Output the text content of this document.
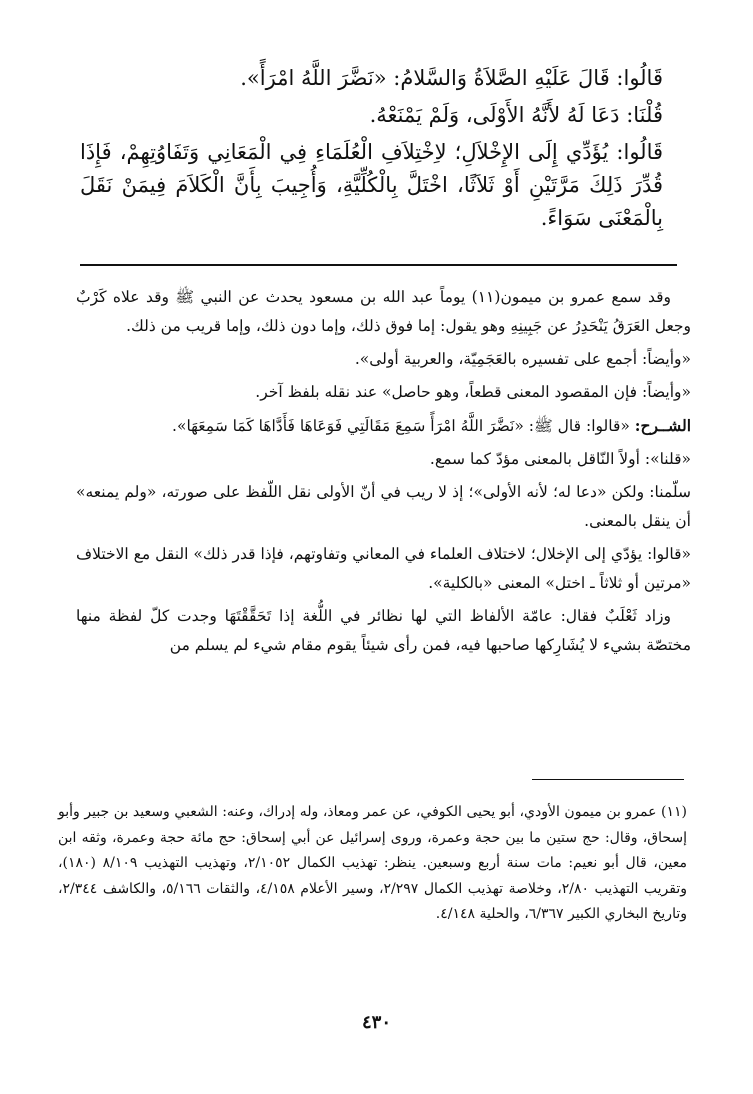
قَالُوا: قَالَ عَلَيْهِ الصَّلاَةُ وَالسَّلامُ: «نَضَّرَ اللَّهُ امْرَأً».

قُلْنَا: دَعَا لَهُ لأَنَّهُ الأَوْلَى، وَلَمْ يَمْنَعْهُ.

قَالُوا: يُؤَدِّي إِلَى الإِخْلاَلِ؛ لاِخْتِلاَفِ الْعُلَمَاءِ فِي الْمَعَانِي وَتَفَاوُتِهِمْ، فَإِذَا قُدِّرَ ذَلِكَ مَرَّتَيْنِ أَوْ ثَلاَثًا، اخْتَلَّ بِالْكُلِّيَّةِ، وَأُجِيبَ بِأَنَّ الْكَلاَمَ فِيمَنْ نَقَلَ بِالْمَعْنَى سَوَاءً.

وقد سمع عمرو بن ميمون(١١) يوماً عبد الله بن مسعود يحدث عن النبي ﷺ وقد علاه كَرْبٌ وجعل العَرَقُ يَنْحَدِرُ عن جَبِينِهِ وهو يقول: إما فوق ذلك، وإما دون ذلك، وإما قريب من ذلك.

«وأيضاً: أجمع على تفسيره بالعَجَمِيّة، والعربية أولى».

«وأيضاً: فإن المقصود المعنى قطعاً، وهو حاصل» عند نقله بلفظ آخر.

الشــرح: «قالوا: قال ﷺ: «نَضَّرَ اللَّهُ امْرَأً سَمِعَ مَقَالَتِي فَوَعَاهَا فَأَدَّاهَا كَمَا سَمِعَهَا».

«قلنا»: أولاً النّاقل بالمعنى مؤدّ كما سمع.

سلّمنا: ولكن «دعا له؛ لأنه الأولى»؛ إذ لا ريب في أنّ الأولى نقل اللّفظ على صورته، «ولم يمنعه» أن ينقل بالمعنى.

«قالوا: يؤدّي إلى الإخلال؛ لاختلاف العلماء في المعاني وتفاوتهم، فإذا قدر ذلك» النقل مع الاختلاف «مرتين أو ثلاثاً ـ اختل» المعنى «بالكلية».

وزاد ثَعْلَبٌ فقال: عامّة الألفاظ التي لها نظائر في اللُّغة إذا تَحَقَّقْتَهَا وجدت كلّ لفظة منها مختصّة بشيء لا يُشَارِكها صاحبها فيه، فمن رأى شيئاً يقوم مقام شيء لم يسلم من

(١١) عمرو بن ميمون الأودي، أبو يحيى الكوفي، عن عمر ومعاذ، وله إدراك، وعنه: الشعبي وسعيد بن جبير وأبو إسحاق، وقال: حج ستين ما بين حجة وعمرة، وروى إسرائيل عن أبي إسحاق: حج مائة حجة وعمرة، وثقه ابن معين، قال أبو نعيم: مات سنة أربع وسبعين. ينظر: تهذيب الكمال ٢/١٠٥٢، وتهذيب التهذيب ٨/١٠٩ (١٨٠)، وتقريب التهذيب ٢/٨٠، وخلاصة تهذيب الكمال ٢/٢٩٧، وسير الأعلام ٤/١٥٨، والثقات ٥/١٦٦، والكاشف ٢/٣٤٤، وتاريخ البخاري الكبير ٦/٣٦٧، والحلية ٤/١٤٨.

٤٣٠
